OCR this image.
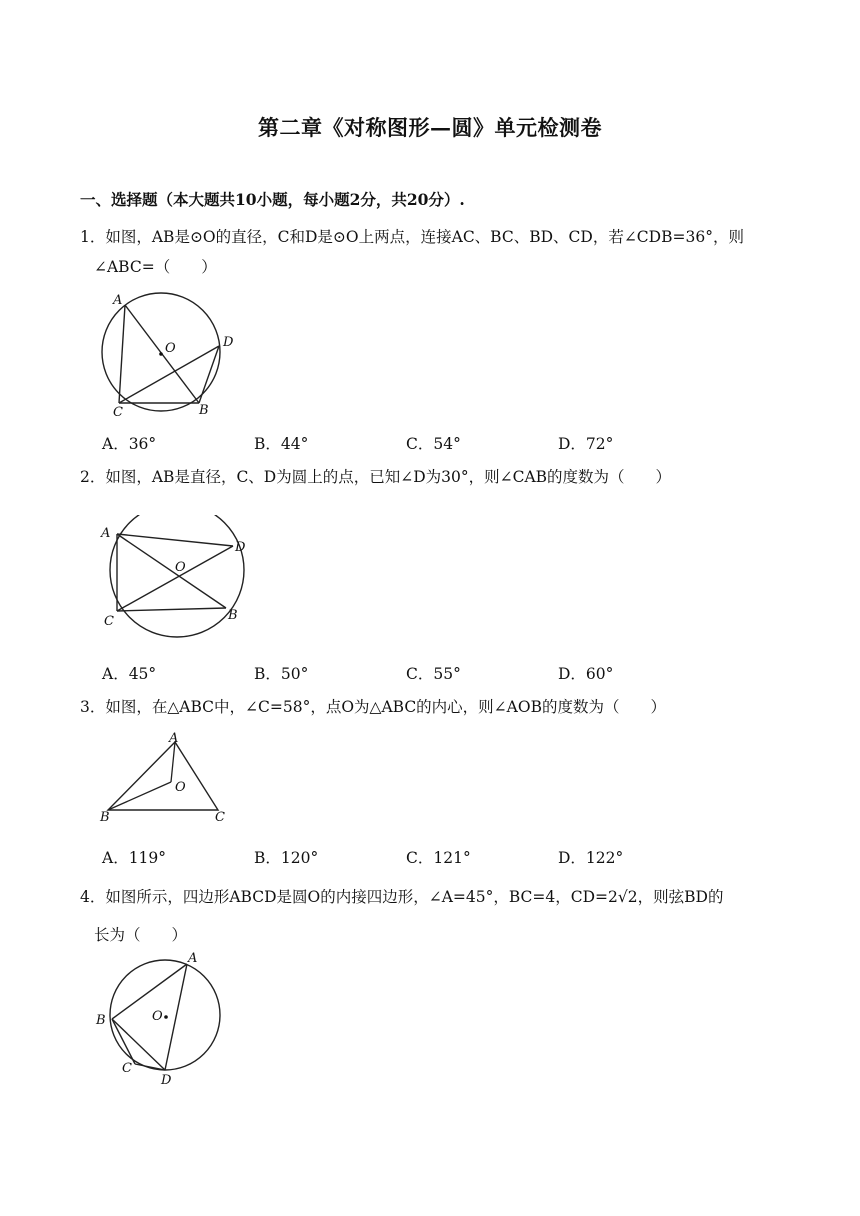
第二章《对称图形—圆》单元检测卷
一、选择题（本大题共10小题，每小题2分，共20分）.
1．如图，AB是⊙O的直径，C和D是⊙O上两点，连接AC、BC、BD、CD，若∠CDB=36°，则
∠ABC=（　　）
A
O	D
C	B
A．36°	B．44°	C．54°	D．72°
2．如图，AB是直径，C、D为圆上的点，已知∠D为30°，则∠CAB的度数为（　　）
A
D
O
C	B
A．45°	B．50°	C．55°	D．60°
3．如图，在△ABC中，∠C=58°，点O为△ABC的内心，则∠AOB的度数为（　　）
A
O
B	C
A．119°	B．120°	C．121°	D．122°
4．如图所示，四边形ABCD是圆O的内接四边形，∠A=45°，BC=4，CD=2√2，则弦BD的
长为（　　）
A
B	O
C
D
